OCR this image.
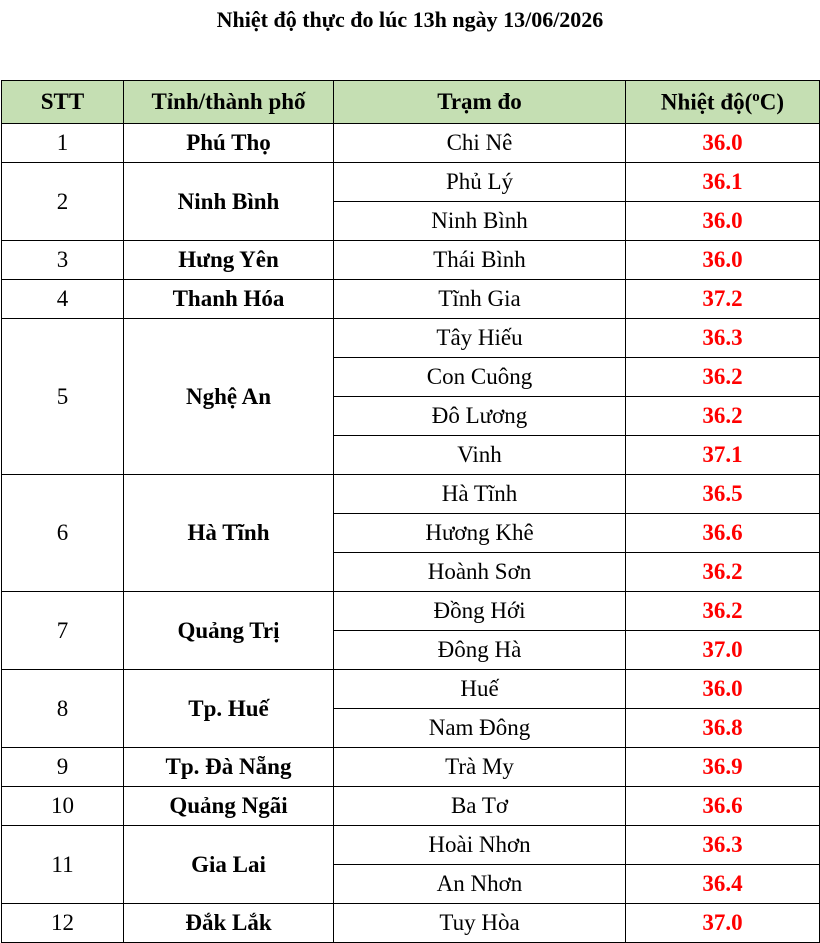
Nhiệt độ thực đo lúc 13h ngày 13/06/2026
STT	Tỉnh/thành phố	Trạm đo	Nhiệt độ($^o$C)
1	Phú Thọ	Chi Nê	36.0
2	Ninh Bình	Phủ Lý	36.1
		Ninh Bình	36.0
3	Hưng Yên	Thái Bình	36.0
4	Thanh Hóa	Tĩnh Gia	37.2
5	Nghệ An	Tây Hiếu	36.3
		Con Cuông	36.2
		Đô Lương	36.2
		Vinh	37.1
6	Hà Tĩnh	Hà Tĩnh	36.5
		Hương Khê	36.6
		Hoành Sơn	36.2
7	Quảng Trị	Đồng Hới	36.2
		Đông Hà	37.0
8	Tp. Huế	Huế	36.0
		Nam Đông	36.8
9	Tp. Đà Nẵng	Trà My	36.9
10	Quảng Ngãi	Ba Tơ	36.6
11	Gia Lai	Hoài Nhơn	36.3
		An Nhơn	36.4
12	Đắk Lắk	Tuy Hòa	37.0
